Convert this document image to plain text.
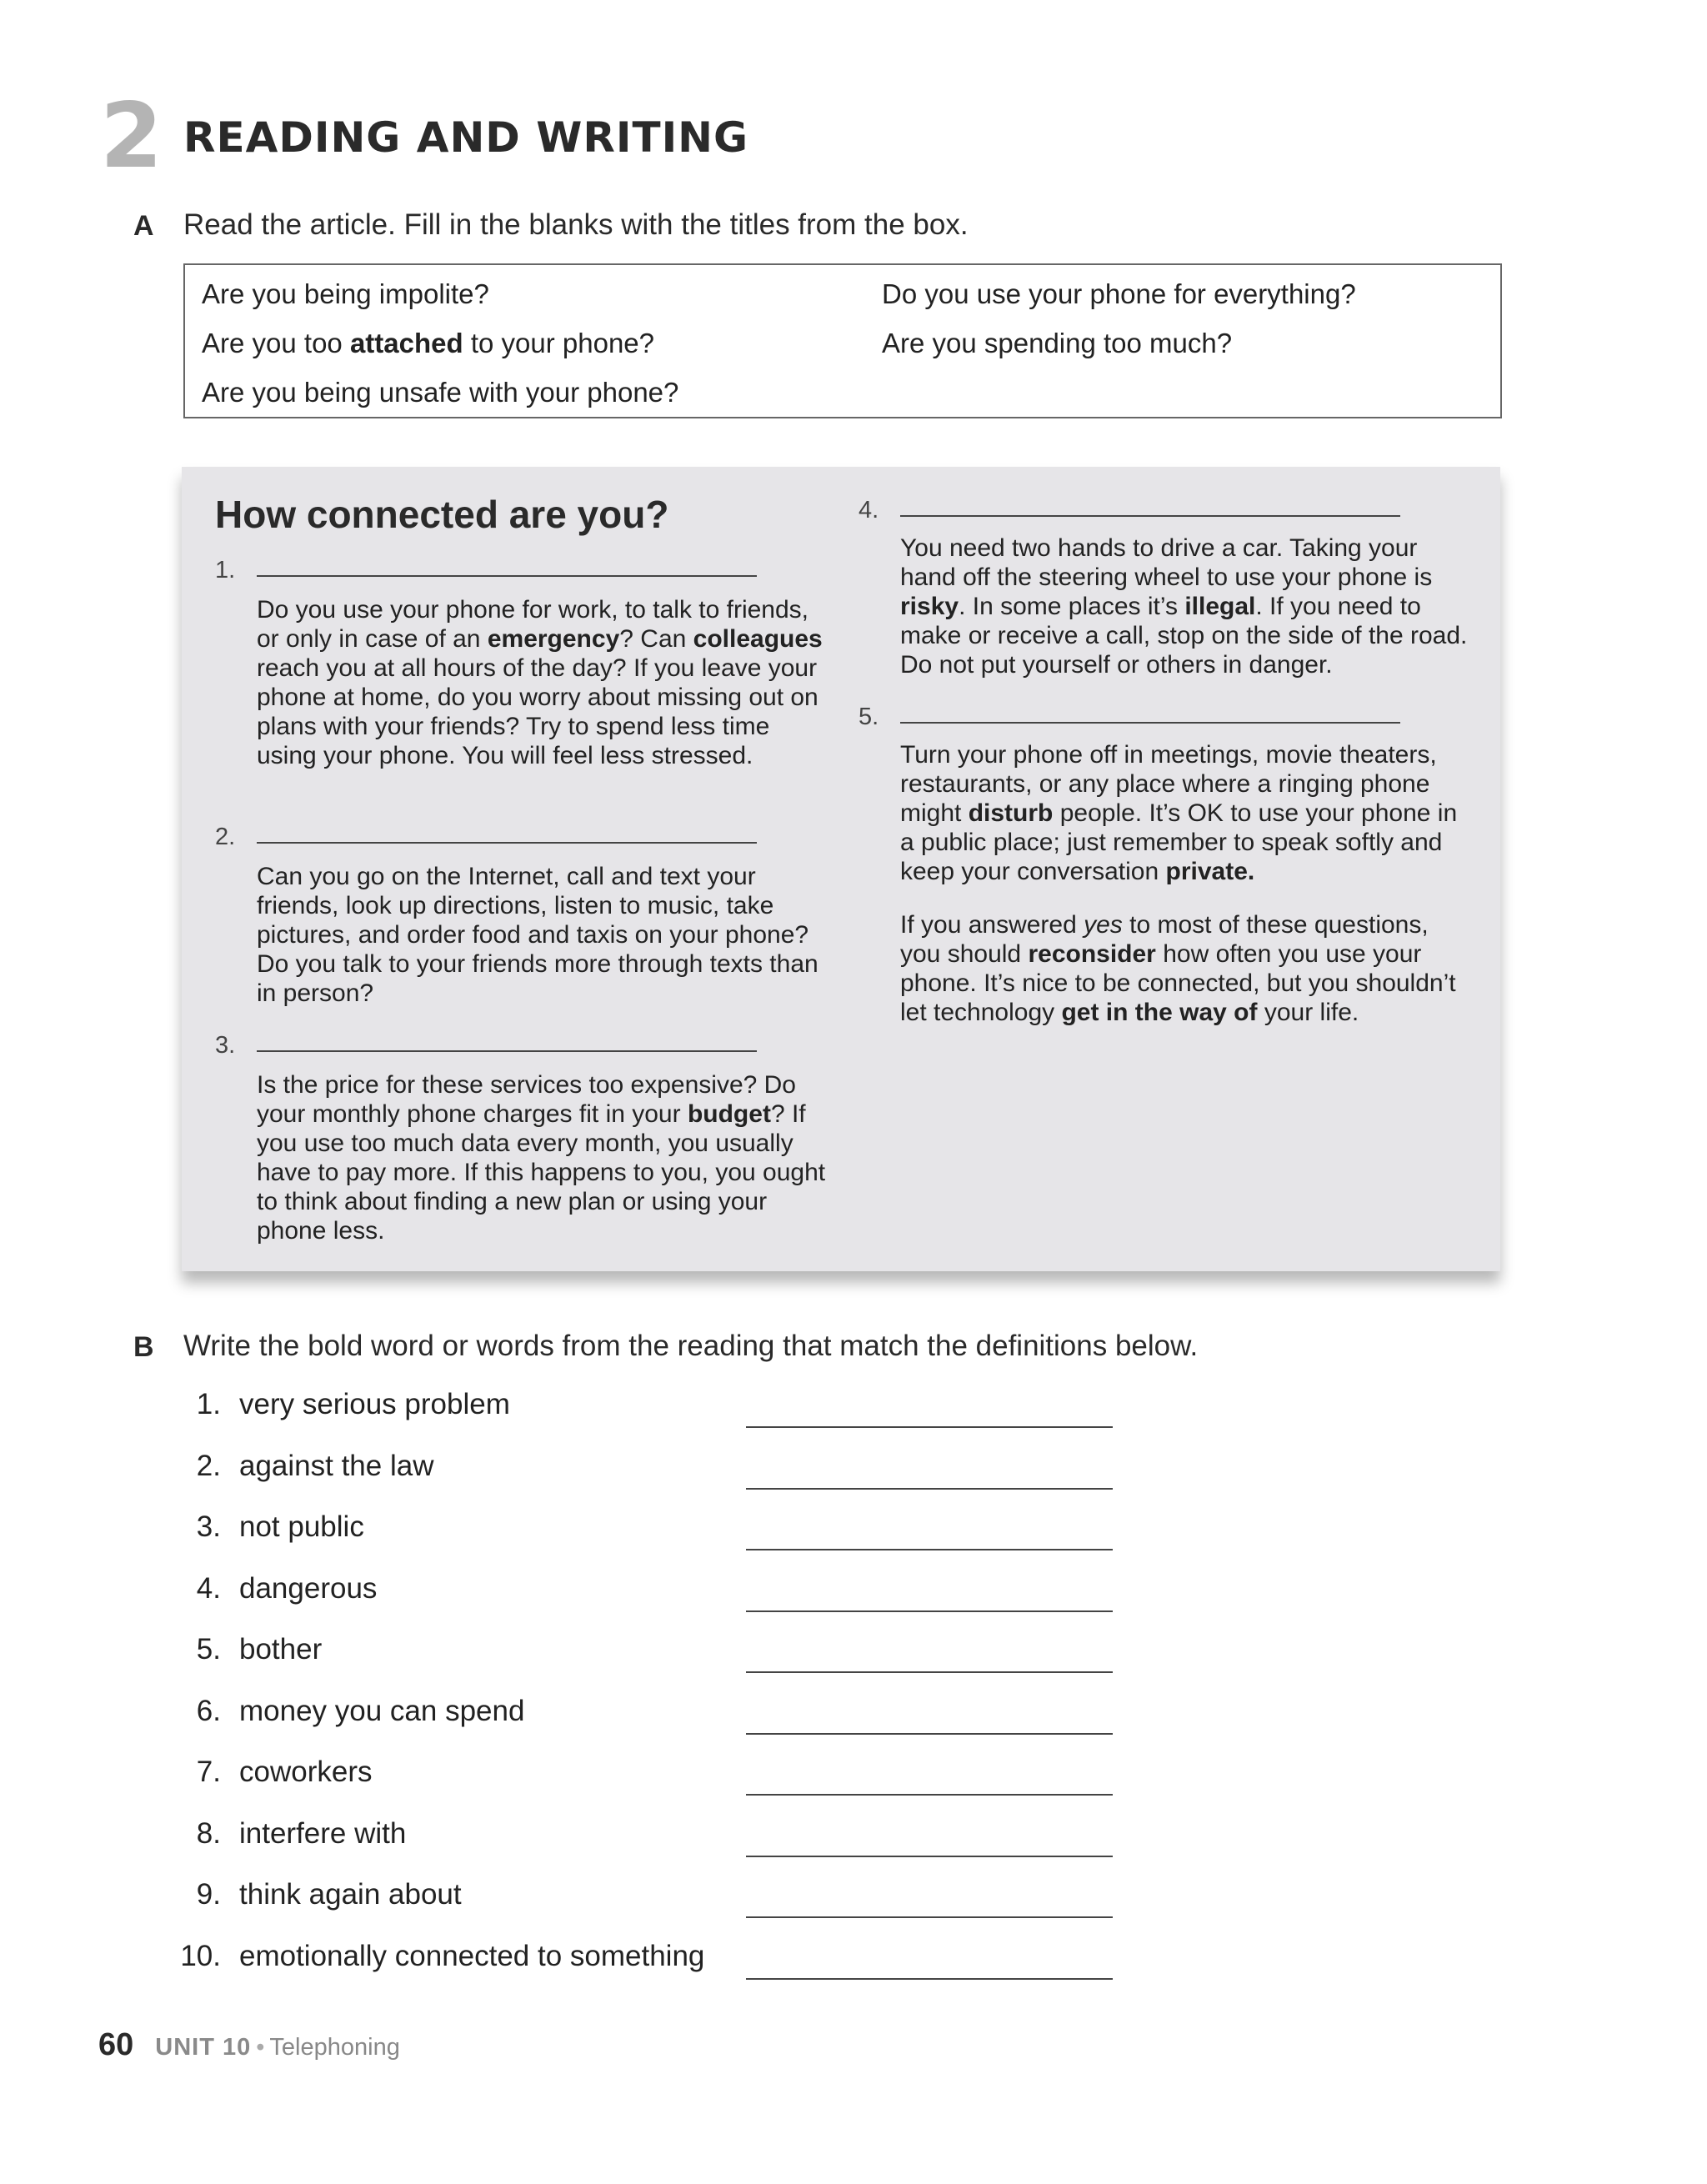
2 READING AND WRITING
A Read the article. Fill in the blanks with the titles from the box.
Are you being impolite?
Are you too attached to your phone?
Are you being unsafe with your phone?
Do you use your phone for everything?
Are you spending too much?
How connected are you?
1.
Do you use your phone for work, to talk to friends, or only in case of an emergency? Can colleagues reach you at all hours of the day? If you leave your phone at home, do you worry about missing out on plans with your friends? Try to spend less time using your phone. You will feel less stressed.
2.
Can you go on the Internet, call and text your friends, look up directions, listen to music, take pictures, and order food and taxis on your phone? Do you talk to your friends more through texts than in person?
3.
Is the price for these services too expensive? Do your monthly phone charges fit in your budget? If you use too much data every month, you usually have to pay more. If this happens to you, you ought to think about finding a new plan or using your phone less.
4.
You need two hands to drive a car. Taking your hand off the steering wheel to use your phone is risky. In some places it’s illegal. If you need to make or receive a call, stop on the side of the road. Do not put yourself or others in danger.
5.
Turn your phone off in meetings, movie theaters, restaurants, or any place where a ringing phone might disturb people. It’s OK to use your phone in a public place; just remember to speak softly and keep your conversation private.
If you answered yes to most of these questions, you should reconsider how often you use your phone. It’s nice to be connected, but you shouldn’t let technology get in the way of your life.
B Write the bold word or words from the reading that match the definitions below.
1. very serious problem
2. against the law
3. not public
4. dangerous
5. bother
6. money you can spend
7. coworkers
8. interfere with
9. think again about
10. emotionally connected to something
60 UNIT 10 • Telephoning
